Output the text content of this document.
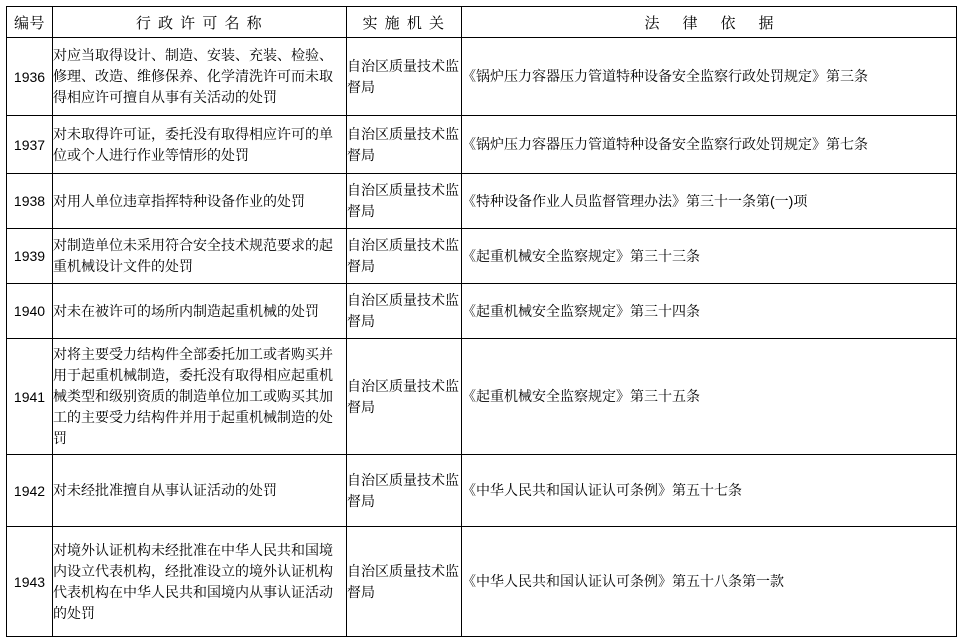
编号	行 政 许 可 名 称	实 施 机 关	法　律　依　据
1936	对应当取得设计、制造、安装、充装、检验、修理、改造、维修保养、化学清洗许可而未取得相应许可擅自从事有关活动的处罚	自治区质量技术监督局	《锅炉压力容器压力管道特种设备安全监察行政处罚规定》第三条
1937	对未取得许可证，委托没有取得相应许可的单位或个人进行作业等情形的处罚	自治区质量技术监督局	《锅炉压力容器压力管道特种设备安全监察行政处罚规定》第七条
1938	对用人单位违章指挥特种设备作业的处罚	自治区质量技术监督局	《特种设备作业人员监督管理办法》第三十一条第(一)项
1939	对制造单位未采用符合安全技术规范要求的起重机械设计文件的处罚	自治区质量技术监督局	《起重机械安全监察规定》第三十三条
1940	对未在被许可的场所内制造起重机械的处罚	自治区质量技术监督局	《起重机械安全监察规定》第三十四条
1941	对将主要受力结构件全部委托加工或者购买并用于起重机械制造，委托没有取得相应起重机械类型和级别资质的制造单位加工或购买其加工的主要受力结构件并用于起重机械制造的处罚	自治区质量技术监督局	《起重机械安全监察规定》第三十五条
1942	对未经批准擅自从事认证活动的处罚	自治区质量技术监督局	《中华人民共和国认证认可条例》第五十七条
1943	对境外认证机构未经批准在中华人民共和国境内设立代表机构，经批准设立的境外认证机构代表机构在中华人民共和国境内从事认证活动的处罚	自治区质量技术监督局	《中华人民共和国认证认可条例》第五十八条第一款
